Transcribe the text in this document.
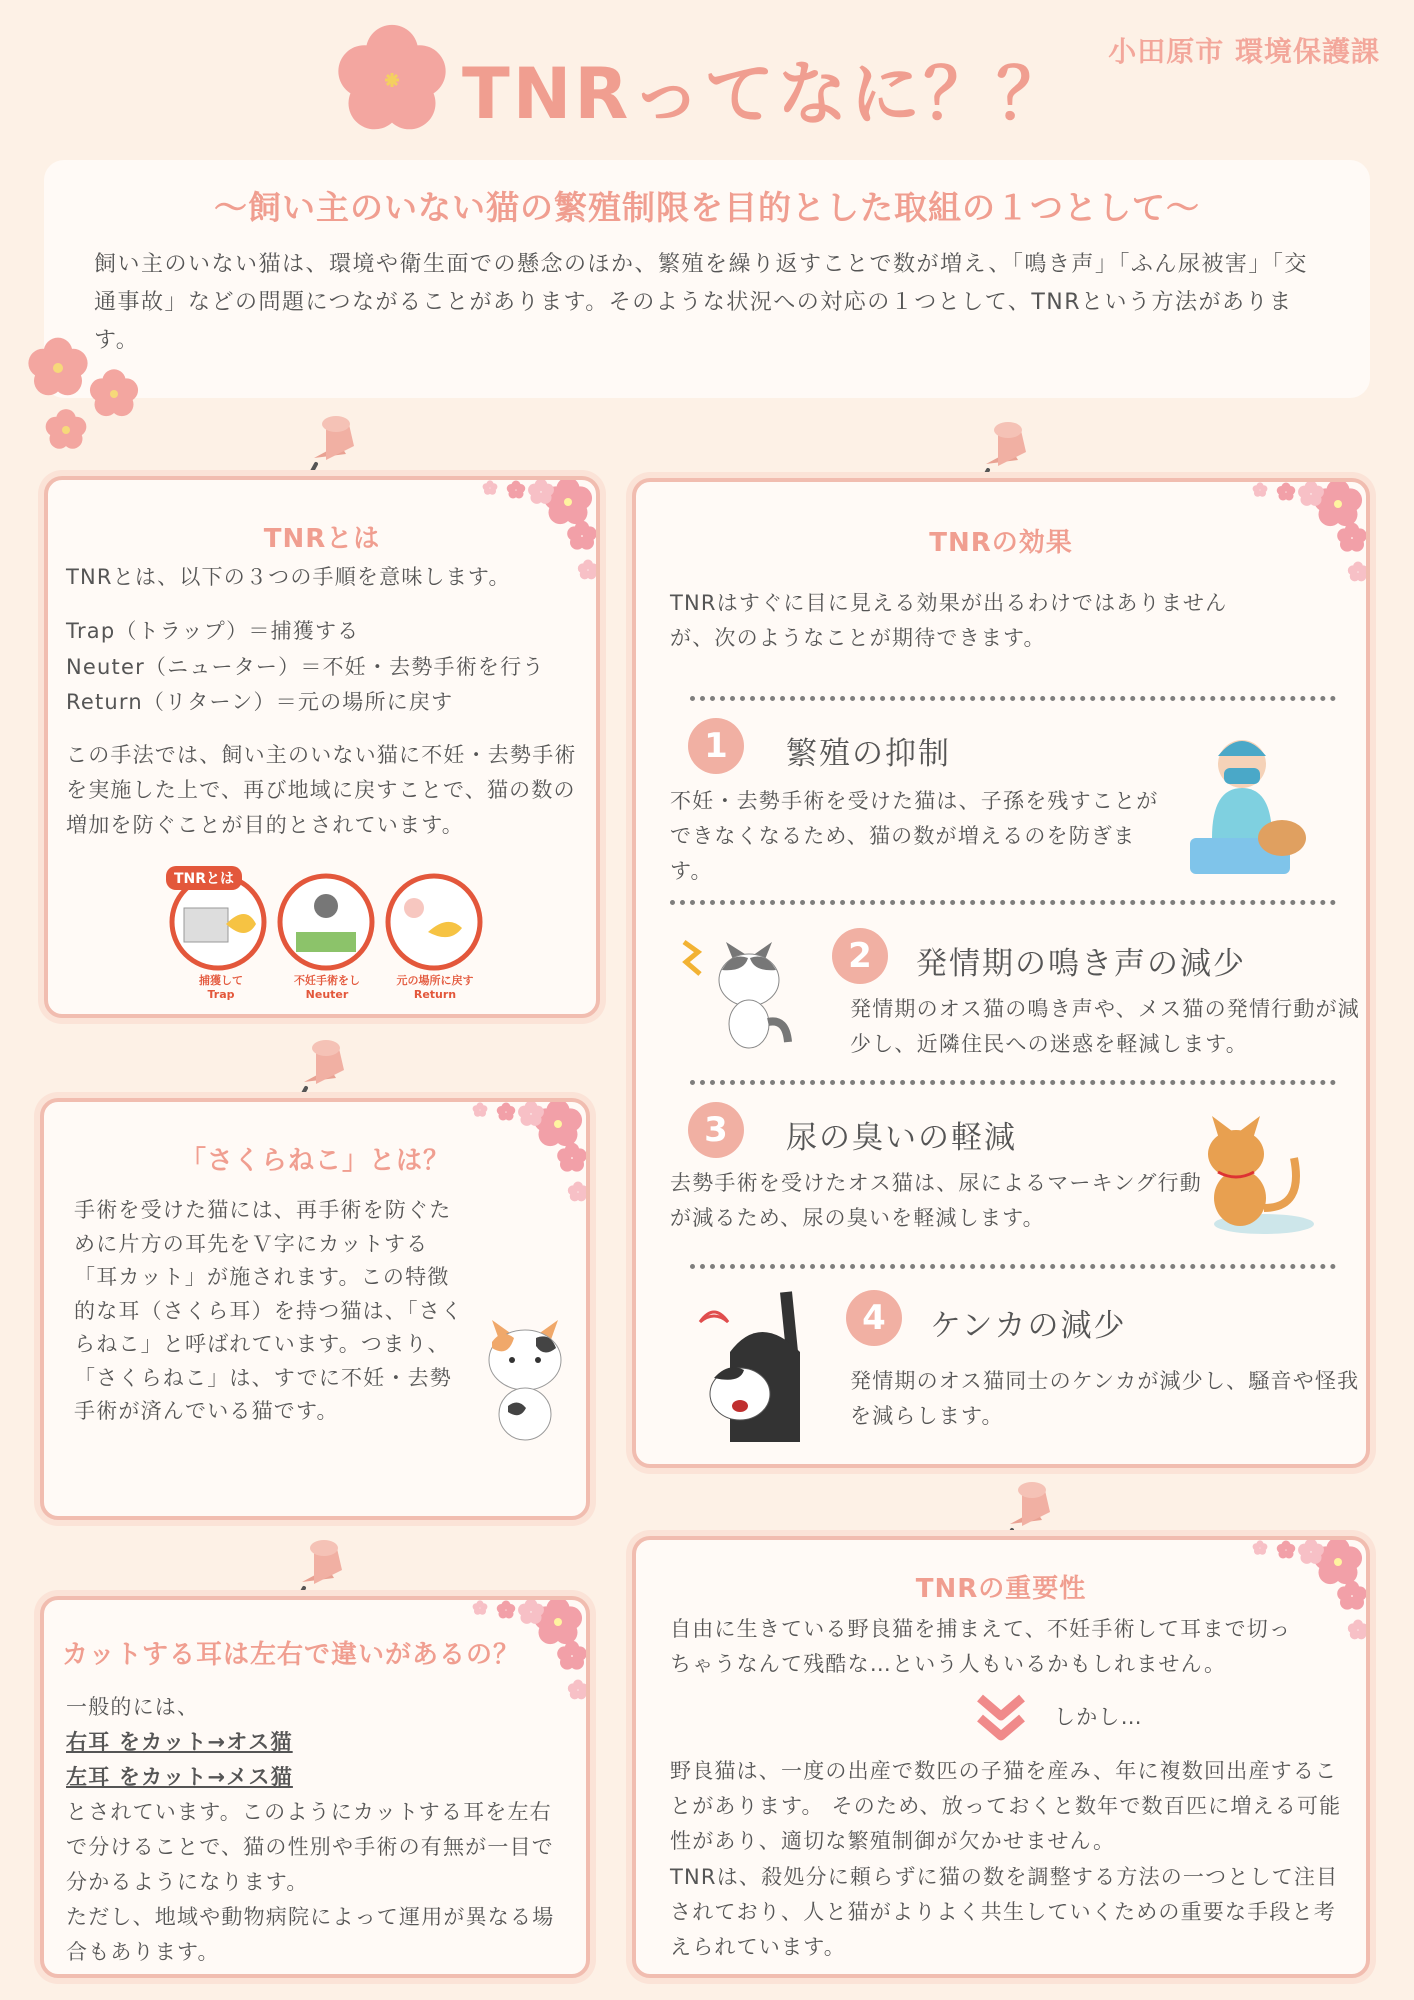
小田原市 環境保護課
TNRってなに？？
～飼い主のいない猫の繁殖制限を目的とした取組の１つとして～
飼い主のいない猫は、環境や衛生面での懸念のほか、繁殖を繰り返すことで数が増え、「鳴き声」「ふん尿被害」「交通事故」などの問題につながることがあります。そのような状況への対応の１つとして、TNRという方法があります。
TNRとは
TNRとは、以下の３つの手順を意味します。
Trap（トラップ）＝捕獲する
Neuter（ニューター）＝不妊・去勢手術を行う
Return（リターン）＝元の場所に戻す
この手法では、飼い主のいない猫に不妊・去勢手術を実施した上で、再び地域に戻すことで、猫の数の増加を防ぐことが目的とされています。
TNRとは
捕獲して
Trap
不妊手術をし
Neuter
元の場所に戻す
Return
「さくらねこ」とは？
手術を受けた猫には、再手術を防ぐために片方の耳先をＶ字にカットする「耳カット」が施されます。この特徴的な耳（さくら耳）を持つ猫は、「さくらねこ」と呼ばれています。つまり、「さくらねこ」は、すでに不妊・去勢手術が済んでいる猫です。
カットする耳は左右で違いがあるの？
一般的には、
右耳 をカット→オス猫
左耳 をカット→メス猫
とされています。このようにカットする耳を左右で分けることで、猫の性別や手術の有無が一目で分かるようになります。
ただし、地域や動物病院によって運用が異なる場合もあります。
TNRの効果
TNRはすぐに目に見える効果が出るわけではありませんが、次のようなことが期待できます。
1	繁殖の抑制
不妊・去勢手術を受けた猫は、子孫を残すことができなくなるため、猫の数が増えるのを防ぎます。
2	発情期の鳴き声の減少
発情期のオス猫の鳴き声や、メス猫の発情行動が減少し、近隣住民への迷惑を軽減します。
3	尿の臭いの軽減
去勢手術を受けたオス猫は、尿によるマーキング行動が減るため、尿の臭いを軽減します。
4	ケンカの減少
発情期のオス猫同士のケンカが減少し、騒音や怪我を減らします。
TNRの重要性
自由に生きている野良猫を捕まえて、不妊手術して耳まで切っちゃうなんて残酷な…という人もいるかもしれません。
しかし…
野良猫は、一度の出産で数匹の子猫を産み、年に複数回出産することがあります。 そのため、放っておくと数年で数百匹に増える可能性があり、適切な繁殖制御が欠かせません。
TNRは、殺処分に頼らずに猫の数を調整する方法の一つとして注目されており、人と猫がよりよく共生していくための重要な手段と考えられています。
